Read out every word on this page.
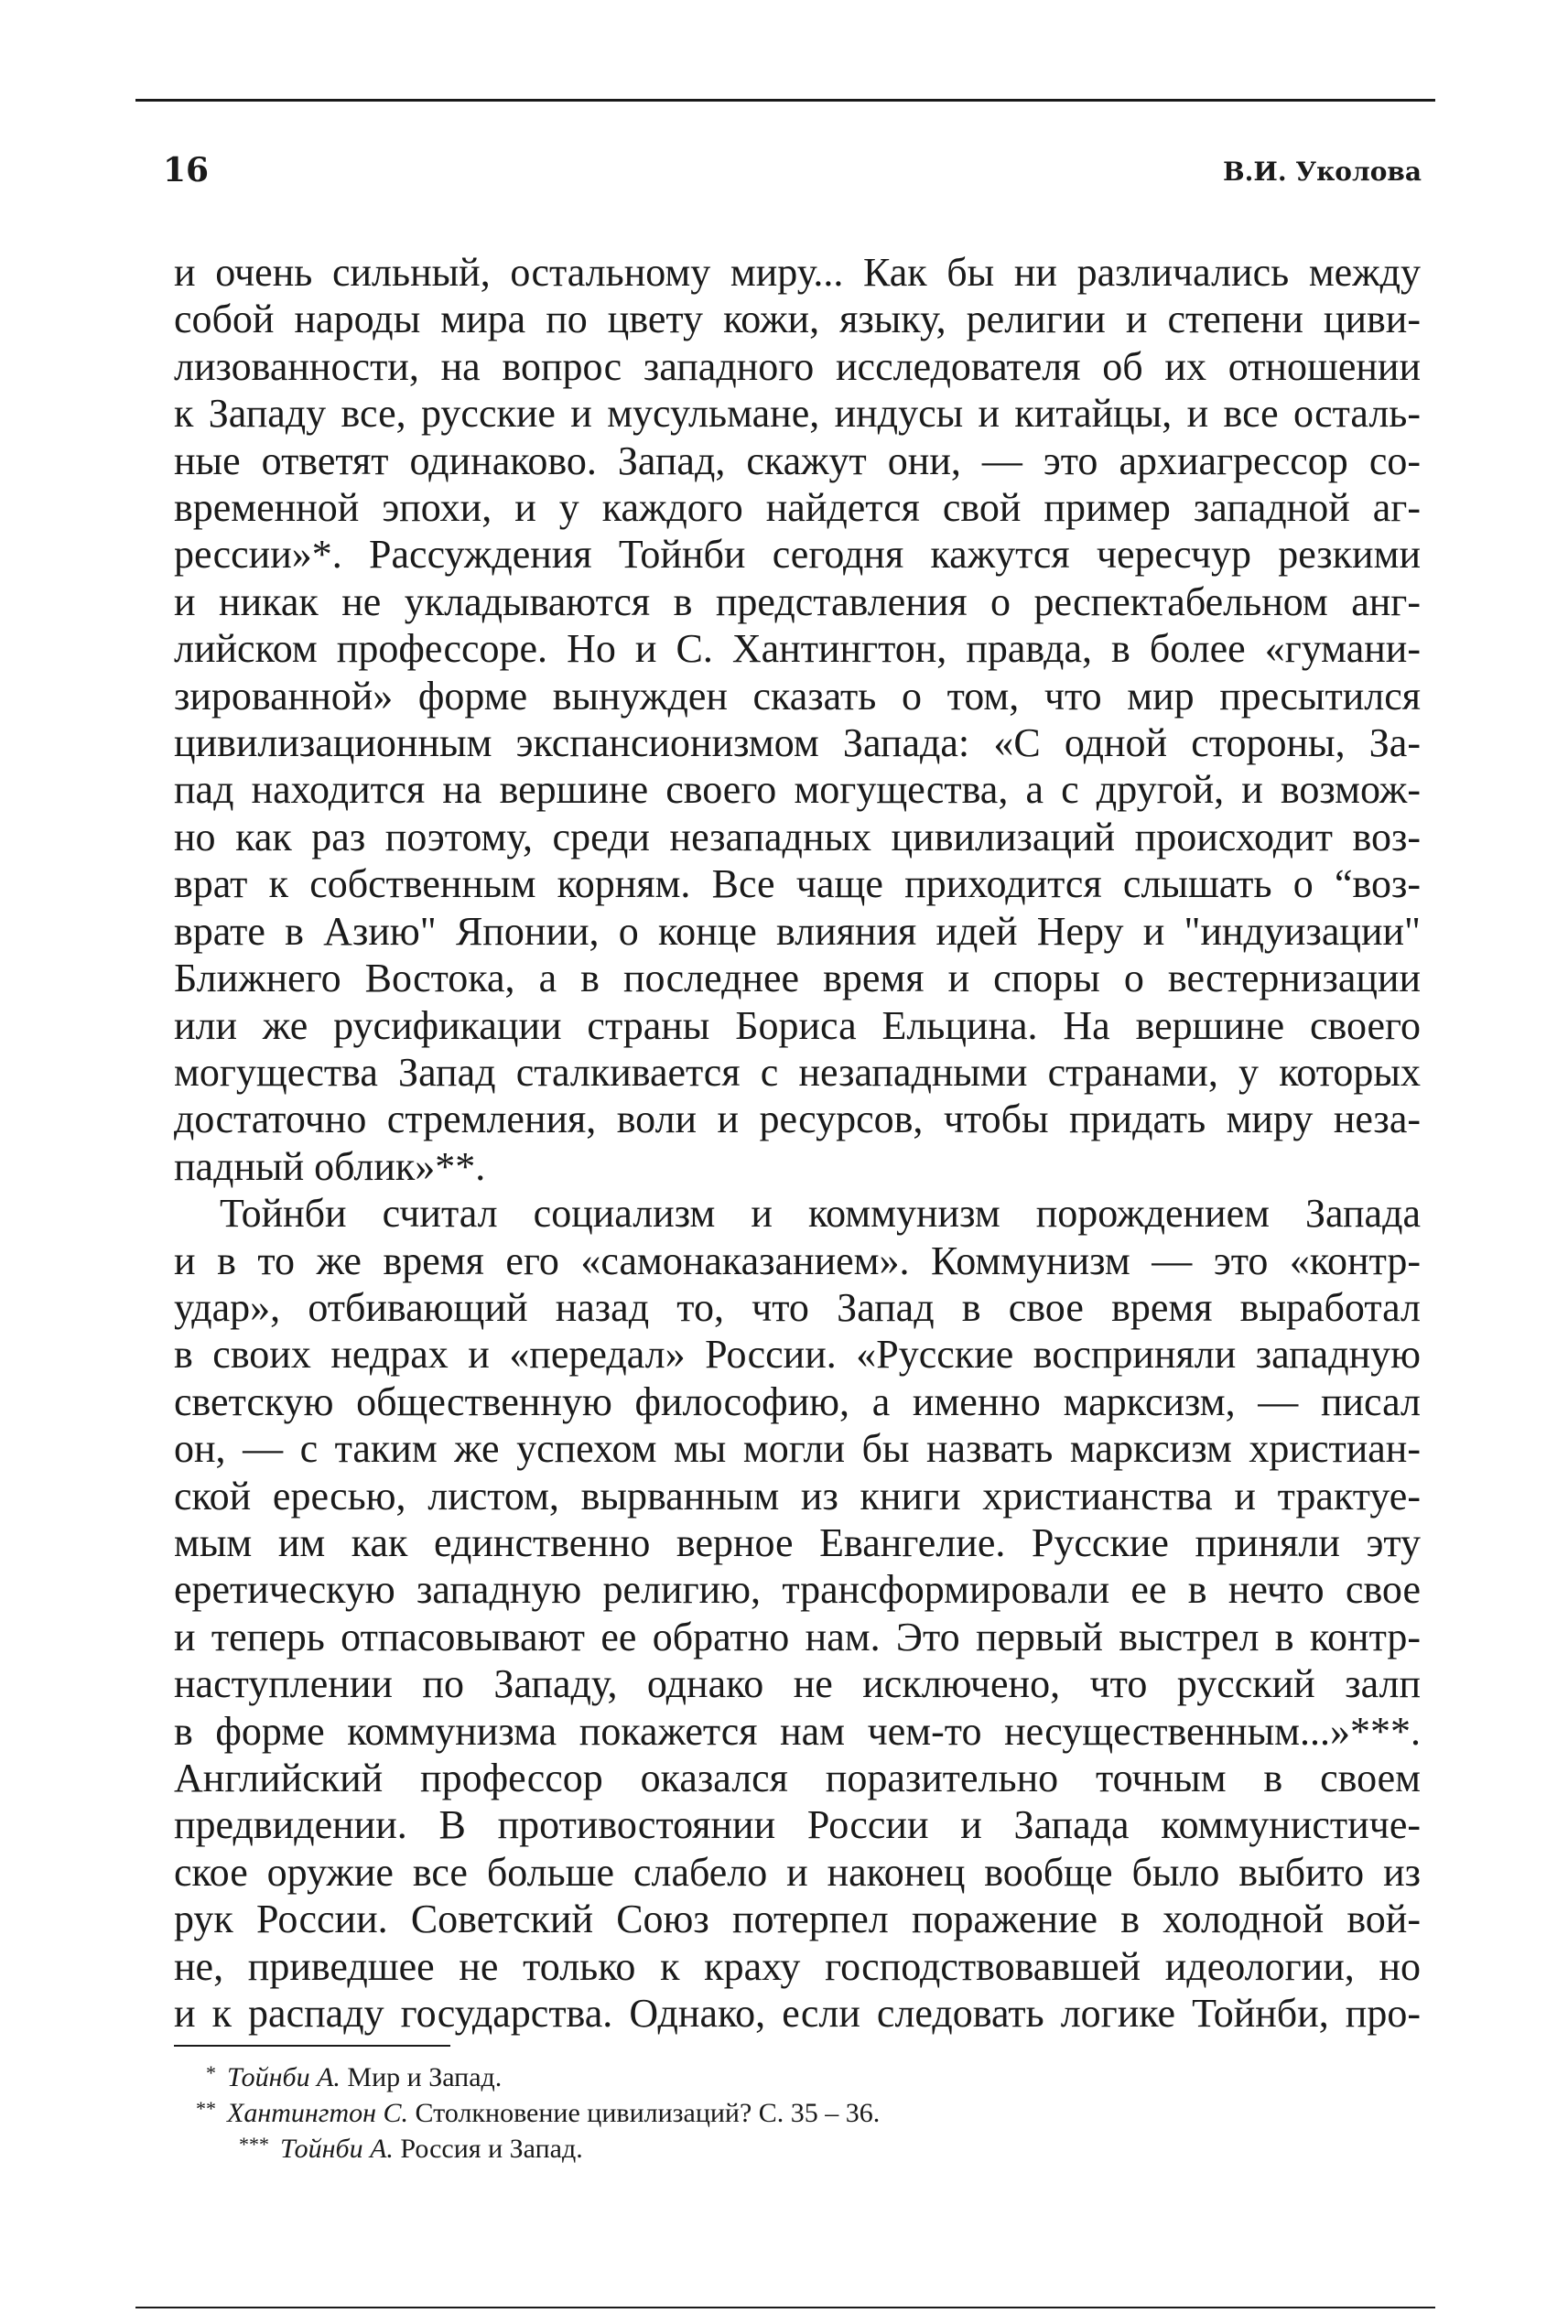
16	В.И. Уколова
и очень сильный, остальному миру... Как бы ни различались между
собой народы мира по цвету кожи, языку, религии и степени циви-
лизованности, на вопрос западного исследователя об их отношении
к Западу все, русские и мусульмане, индусы и китайцы, и все осталь-
ные ответят одинаково. Запад, скажут они, — это архиагрессор со-
временной эпохи, и у каждого найдется свой пример западной аг-
рессии»*. Рассуждения Тойнби сегодня кажутся чересчур резкими
и никак не укладываются в представления о респектабельном анг-
лийском профессоре. Но и С. Хантингтон, правда, в более «гумани-
зированной» форме вынужден сказать о том, что мир пресытился
цивилизационным экспансионизмом Запада: «С одной стороны, За-
пад находится на вершине своего могущества, а с другой, и возмож-
но как раз поэтому, среди незападных цивилизаций происходит воз-
врат к собственным корням. Все чаще приходится слышать о “воз-
врате в Азию" Японии, о конце влияния идей Неру и "индуизации"
Ближнего Востока, а в последнее время и споры о вестернизации
или же русификации страны Бориса Ельцина. На вершине своего
могущества Запад сталкивается с незападными странами, у которых
достаточно стремления, воли и ресурсов, чтобы придать миру неза-
падный облик»**.
Тойнби считал социализм и коммунизм порождением Запада
и в то же время его «самонаказанием». Коммунизм — это «контр-
удар», отбивающий назад то, что Запад в свое время выработал
в своих недрах и «передал» России. «Русские восприняли западную
светскую общественную философию, а именно марксизм, — писал
он, — с таким же успехом мы могли бы назвать марксизм христиан-
ской ересью, листом, вырванным из книги христианства и трактуе-
мым им как единственно верное Евангелие. Русские приняли эту
еретическую западную религию, трансформировали ее в нечто свое
и теперь отпасовывают ее обратно нам. Это первый выстрел в контр-
наступлении по Западу, однако не исключено, что русский залп
в форме коммунизма покажется нам чем-то несущественным...»***.
Английский профессор оказался поразительно точным в своем
предвидении. В противостоянии России и Запада коммунистиче-
ское оружие все больше слабело и наконец вообще было выбито из
рук России. Советский Союз потерпел поражение в холодной вой-
не, приведшее не только к краху господствовавшей идеологии, но
и к распаду государства. Однако, если следовать логике Тойнби, про-
* Тойнби А. Мир и Запад.
** Хантингтон С. Столкновение цивилизаций? С. 35 – 36.
*** Тойнби А. Россия и Запад.
